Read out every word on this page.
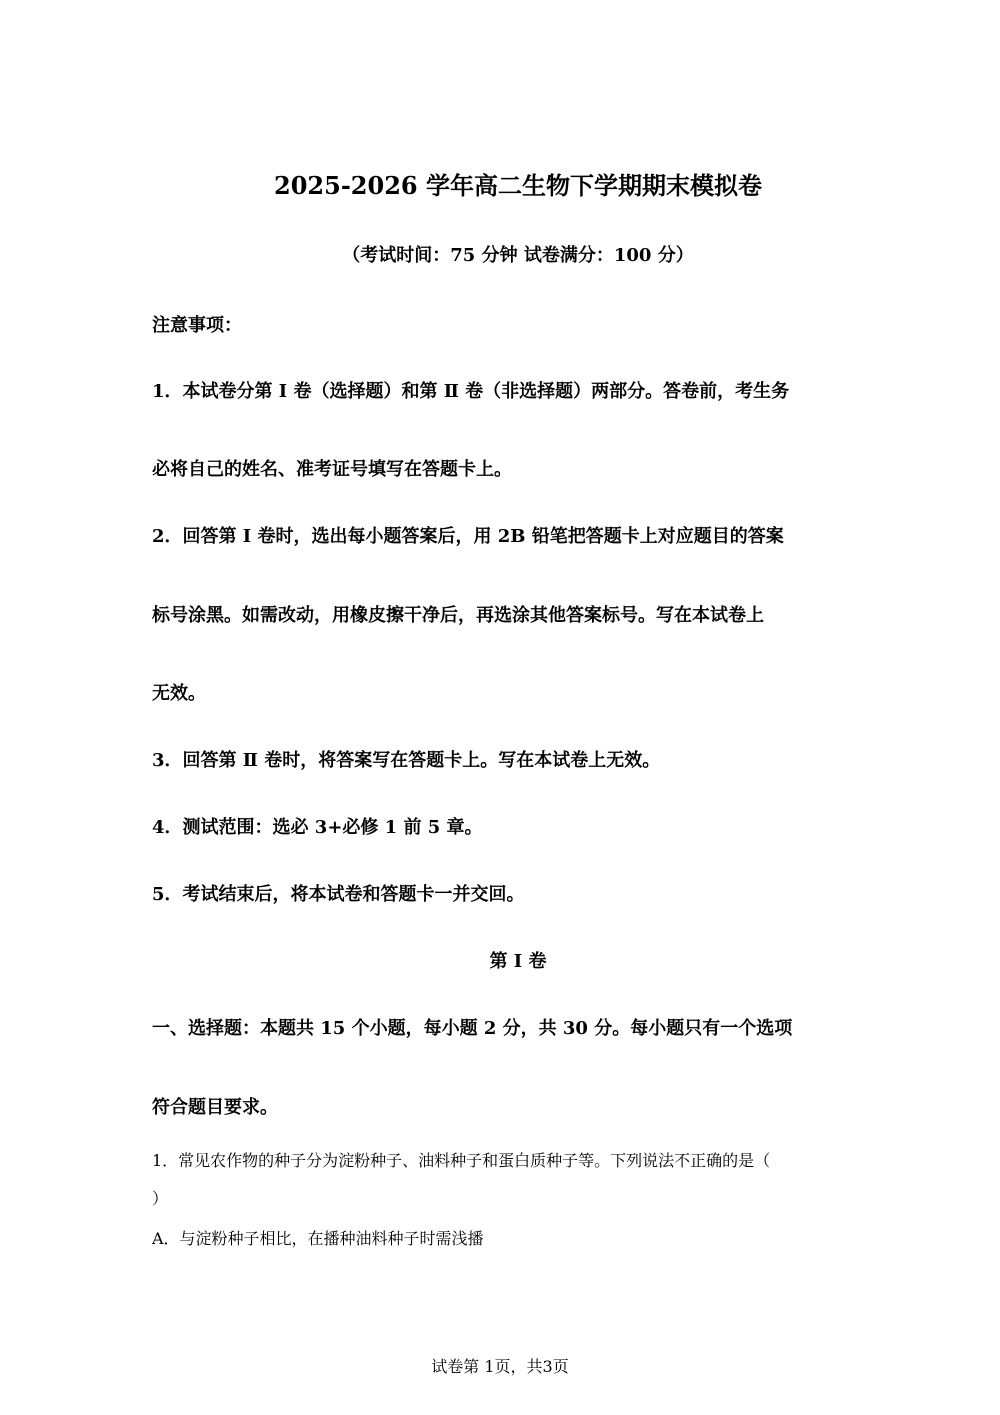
2025-2026 学年高二生物下学期期末模拟卷
（考试时间：75 分钟 试卷满分：100 分）
注意事项：
1．本试卷分第 Ⅰ 卷（选择题）和第 Ⅱ 卷（非选择题）两部分。答卷前，考生务
必将自己的姓名、准考证号填写在答题卡上。
2．回答第 Ⅰ 卷时，选出每小题答案后，用 2B 铅笔把答题卡上对应题目的答案
标号涂黑。如需改动，用橡皮擦干净后，再选涂其他答案标号。写在本试卷上
无效。
3．回答第 Ⅱ 卷时，将答案写在答题卡上。写在本试卷上无效。
4．测试范围：选必 3+必修 1 前 5 章。
5．考试结束后，将本试卷和答题卡一并交回。
第 Ⅰ 卷
一、选择题：本题共 15 个小题，每小题 2 分，共 30 分。每小题只有一个选项
符合题目要求。
1．常见农作物的种子分为淀粉种子、油料种子和蛋白质种子等。下列说法不正确的是（
）
A．与淀粉种子相比，在播种油料种子时需浅播
试卷第 1页，共3页
